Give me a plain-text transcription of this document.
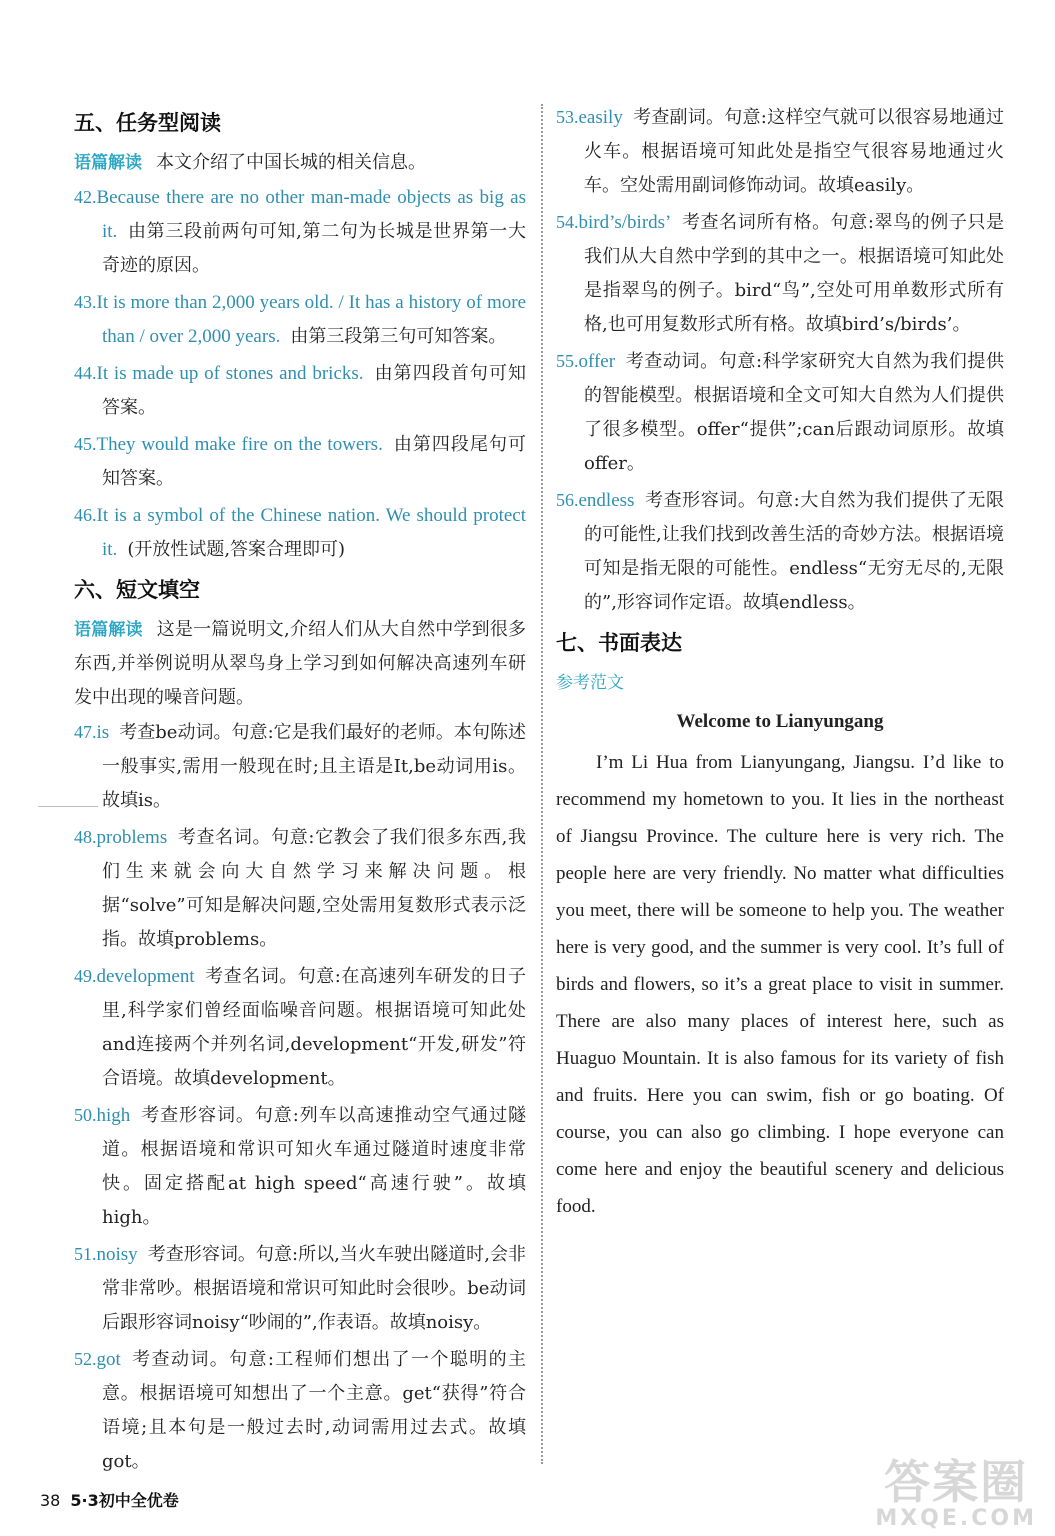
五、任务型阅读
语篇解读 本文介绍了中国长城的相关信息。
42.Because there are no other man-made objects as big as it. 由第三段前两句可知,第二句为长城是世界第一大奇迹的原因。
43.It is more than 2,000 years old. / It has a history of more than / over 2,000 years. 由第三段第三句可知答案。
44.It is made up of stones and bricks. 由第四段首句可知答案。
45.They would make fire on the towers. 由第四段尾句可知答案。
46.It is a symbol of the Chinese nation. We should protect it. (开放性试题,答案合理即可)
六、短文填空
语篇解读 这是一篇说明文,介绍人们从大自然中学到很多东西,并举例说明从翠鸟身上学习到如何解决高速列车研发中出现的噪音问题。
47.is 考查be动词。句意:它是我们最好的老师。本句陈述一般事实,需用一般现在时;且主语是It,be动词用is。故填is。
48.problems 考查名词。句意:它教会了我们很多东西,我们生来就会向大自然学习来解决问题。根据“solve”可知是解决问题,空处需用复数形式表示泛指。故填problems。
49.development 考查名词。句意:在高速列车研发的日子里,科学家们曾经面临噪音问题。根据语境可知此处and连接两个并列名词,development“开发,研发”符合语境。故填development。
50.high 考查形容词。句意:列车以高速推动空气通过隧道。根据语境和常识可知火车通过隧道时速度非常快。固定搭配at high speed“高速行驶”。故填high。
51.noisy 考查形容词。句意:所以,当火车驶出隧道时,会非常非常吵。根据语境和常识可知此时会很吵。be动词后跟形容词noisy“吵闹的”,作表语。故填noisy。
52.got 考查动词。句意:工程师们想出了一个聪明的主意。根据语境可知想出了一个主意。get“获得”符合语境;且本句是一般过去时,动词需用过去式。故填got。
53.easily 考查副词。句意:这样空气就可以很容易地通过火车。根据语境可知此处是指空气很容易地通过火车。空处需用副词修饰动词。故填easily。
54.bird’s/birds’ 考查名词所有格。句意:翠鸟的例子只是我们从大自然中学到的其中之一。根据语境可知此处是指翠鸟的例子。bird“鸟”,空处可用单数形式所有格,也可用复数形式所有格。故填bird’s/birds’。
55.offer 考查动词。句意:科学家研究大自然为我们提供的智能模型。根据语境和全文可知大自然为人们提供了很多模型。offer“提供”;can后跟动词原形。故填offer。
56.endless 考查形容词。句意:大自然为我们提供了无限的可能性,让我们找到改善生活的奇妙方法。根据语境可知是指无限的可能性。endless“无穷无尽的,无限的”,形容词作定语。故填endless。
七、书面表达
参考范文
Welcome to Lianyungang
I’m Li Hua from Lianyungang, Jiangsu. I’d like to recommend my hometown to you. It lies in the northeast of Jiangsu Province. The culture here is very rich. The people here are very friendly. No matter what difficulties you meet, there will be someone to help you. The weather here is very good, and the summer is very cool. It’s full of birds and flowers, so it’s a great place to visit in summer. There are also many places of interest here, such as Huaguo Mountain. It is also famous for its variety of fish and fruits. Here you can swim, fish or go boating. Of course, you can also go climbing. I hope everyone can come here and enjoy the beautiful scenery and delicious food.
38 5·3初中全优卷	答案圈
MXQE.COM
